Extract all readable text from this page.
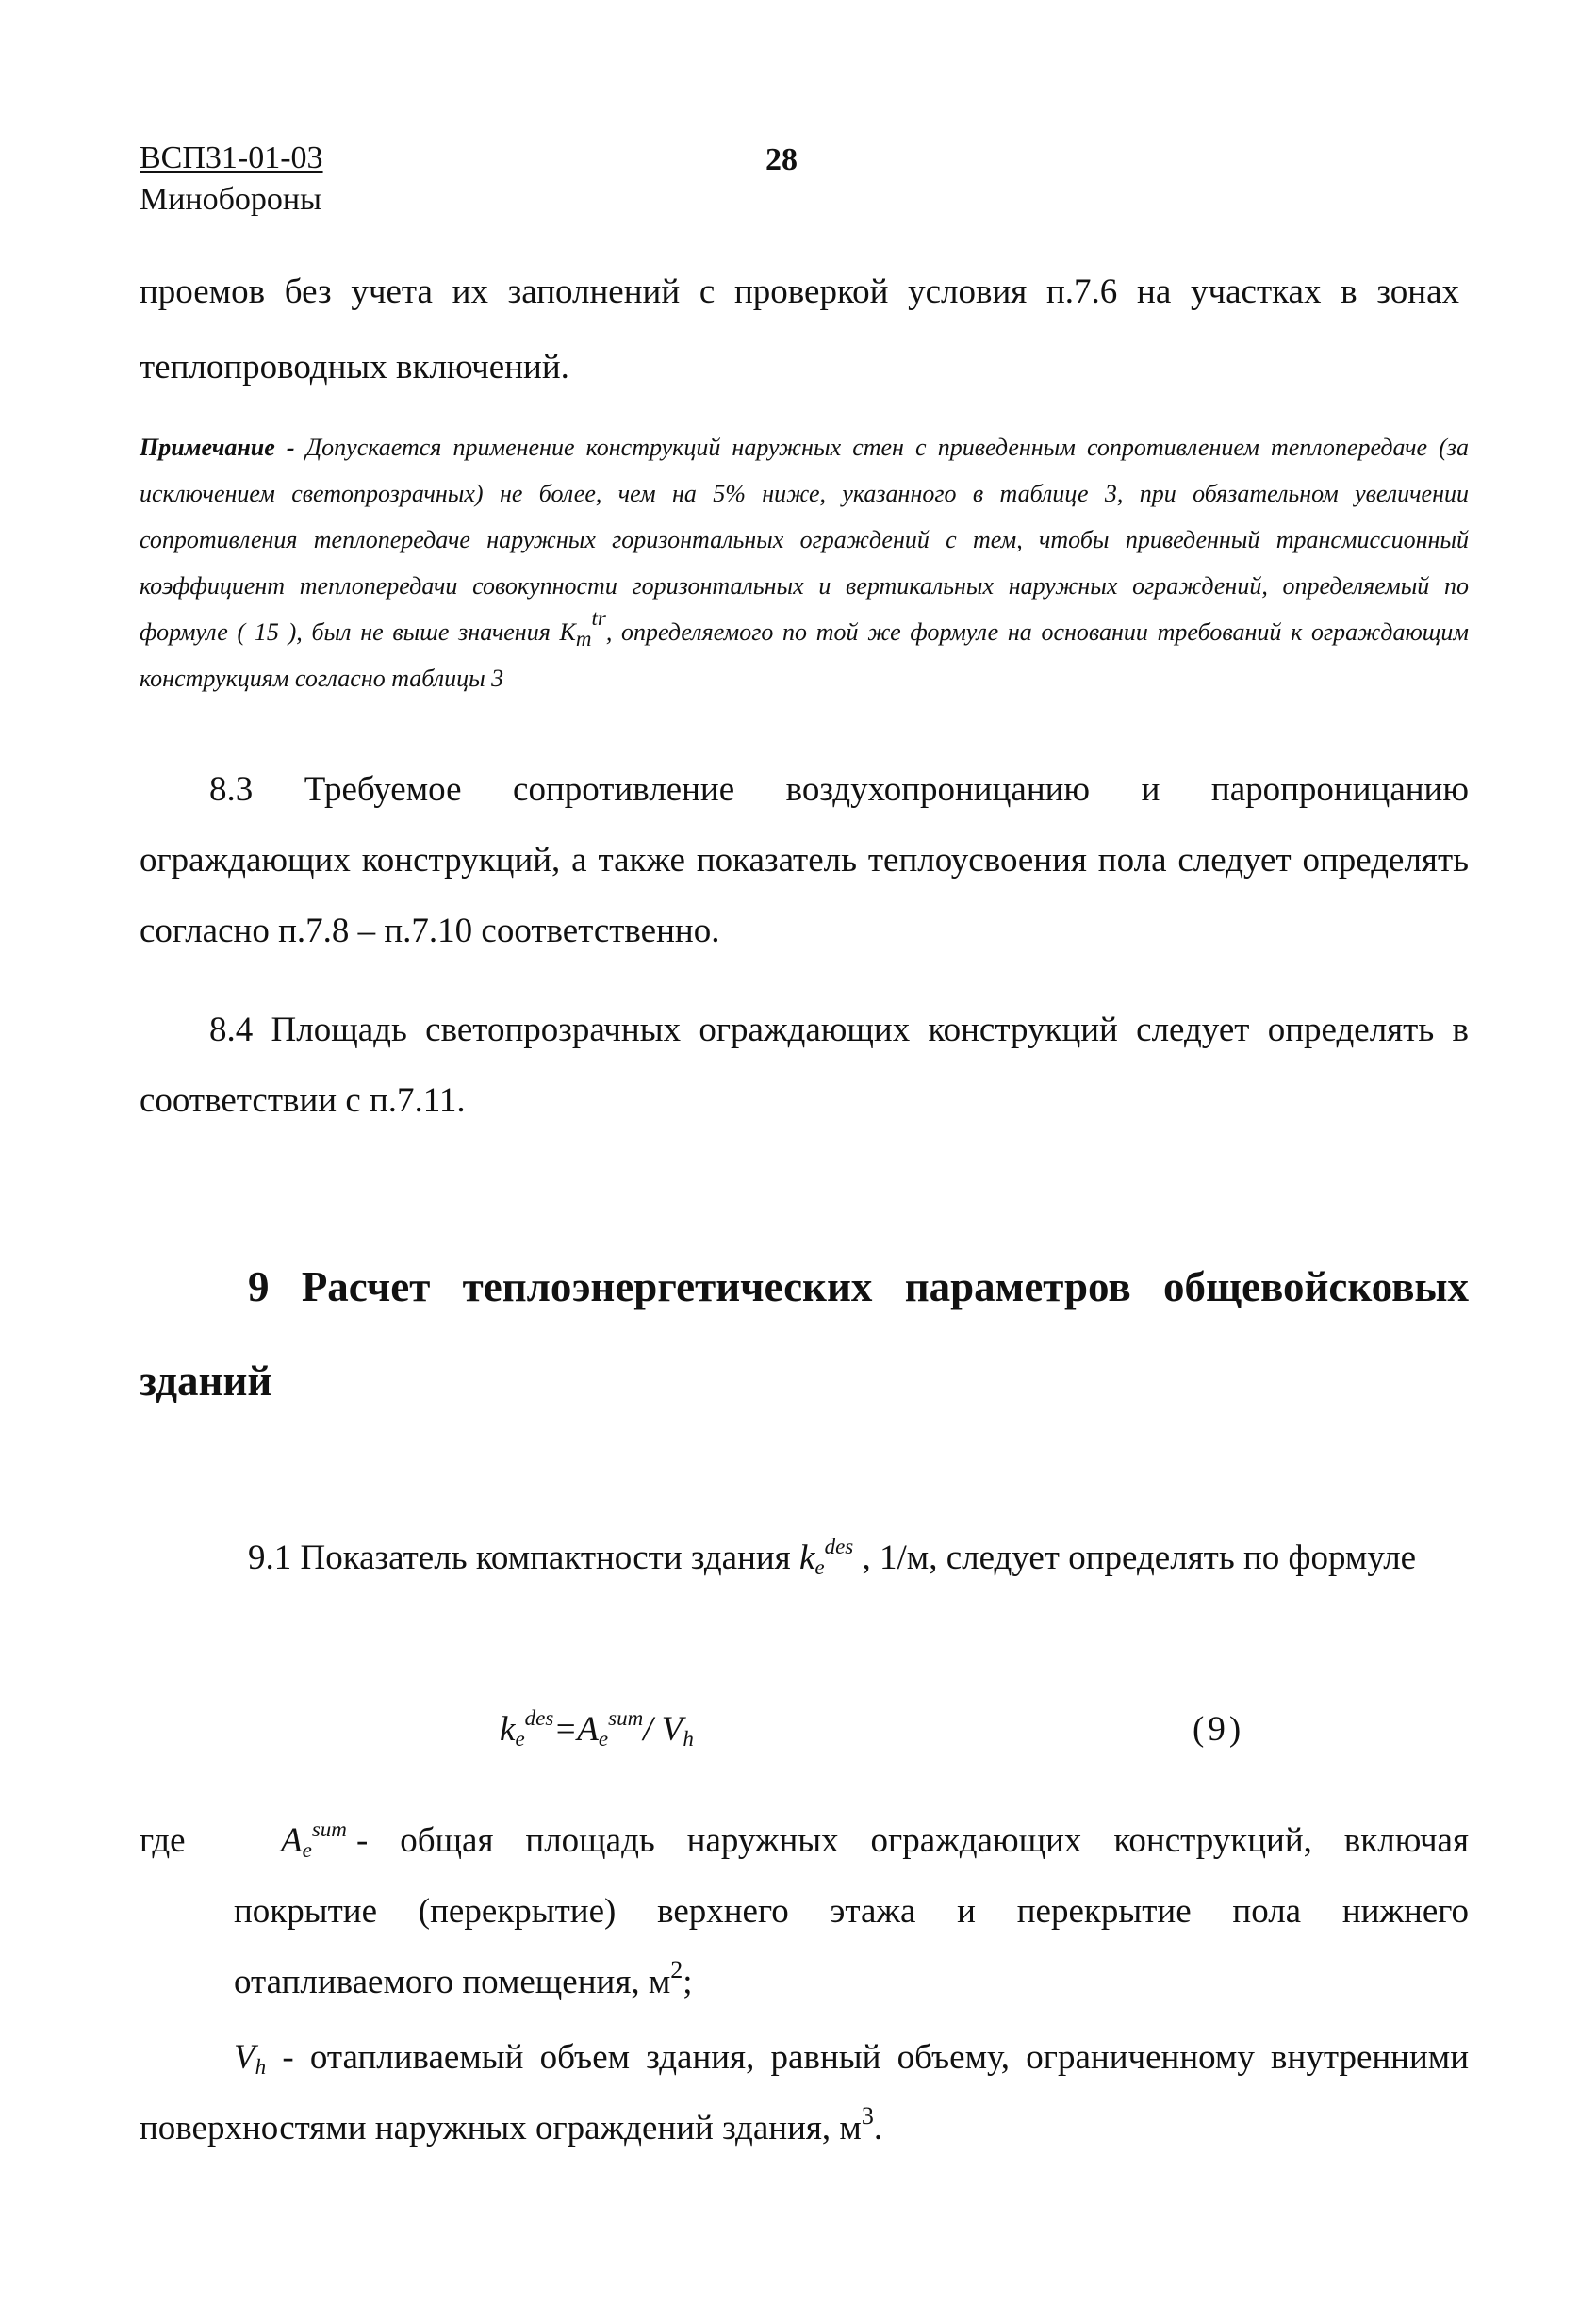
ВСП31-01-03
Минобороны
28

проемов без учета их заполнений с проверкой условия п.7.6 на участках в зонах теплопроводных включений.

Примечание - Допускается применение конструкций наружных стен с приведенным сопротивлением теплопередаче (за исключением светопрозрачных) не более, чем на 5% ниже, указанного в таблице 3, при обязательном увеличении сопротивления теплопередаче наружных горизонтальных ограждений с тем, чтобы приведенный трансмиссионный коэффициент теплопередачи совокупности горизонтальных и вертикальных наружных ограждений, определяемый по формуле ( 15 ), был не выше значения Kmtr, определяемого по той же формуле на основании требований к ограждающим конструкциям согласно таблицы 3

8.3 Требуемое сопротивление воздухопроницанию и паропроницанию ограждающих конструкций, а также показатель теплоусвоения пола следует определять согласно п.7.8 – п.7.10 соответственно.

8.4 Площадь светопрозрачных ограждающих конструкций следует определять в соответствии с п.7.11.

9 Расчет теплоэнергетических параметров общевойсковых зданий

9.1 Показатель компактности здания $k_e^{des}$ , 1/м, следует определять по формуле

$k_e^{des}=A_e^{sum}/$ $V_h$	(9)
где	$A_e^{sum}$ - общая площадь наружных ограждающих конструкций, включая покрытие (перекрытие) верхнего этажа и перекрытие пола нижнего отапливаемого помещения, $м^2$;

$V_h$ - отапливаемый объем здания, равный объему, ограниченному внутренними поверхностями наружных ограждений здания, $м^3$.
